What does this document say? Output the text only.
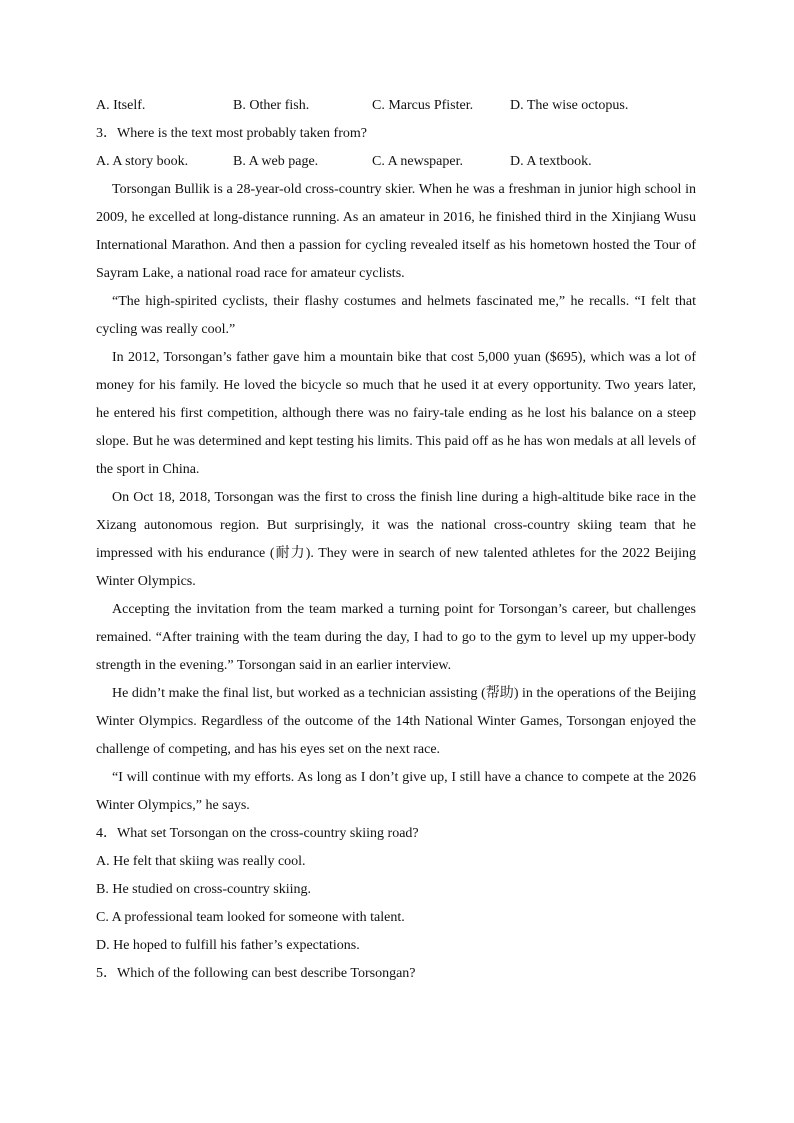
A. Itself.	B. Other fish.	C. Marcus Pfister.	D. The wise octopus.

3．Where is the text most probably taken from?

A. A story book.	B. A web page.	C. A newspaper.	D. A textbook.

Torsongan Bullik is a 28-year-old cross-country skier. When he was a freshman in junior high school in 2009, he excelled at long-distance running. As an amateur in 2016, he finished third in the Xinjiang Wusu International Marathon. And then a passion for cycling revealed itself as his hometown hosted the Tour of Sayram Lake, a national road race for amateur cyclists.

“The high-spirited cyclists, their flashy costumes and helmets fascinated me,” he recalls. “I felt that cycling was really cool.”

In 2012, Torsongan’s father gave him a mountain bike that cost 5,000 yuan ($695), which was a lot of money for his family. He loved the bicycle so much that he used it at every opportunity. Two years later, he entered his first competition, although there was no fairy-tale ending as he lost his balance on a steep slope. But he was determined and kept testing his limits. This paid off as he has won medals at all levels of the sport in China.

On Oct 18, 2018, Torsongan was the first to cross the finish line during a high-altitude bike race in the Xizang autonomous region. But surprisingly, it was the national cross-country skiing team that he impressed with his endurance (耐力). They were in search of new talented athletes for the 2022 Beijing Winter Olympics.

Accepting the invitation from the team marked a turning point for Torsongan’s career, but challenges remained. “After training with the team during the day, I had to go to the gym to level up my upper-body strength in the evening.” Torsongan said in an earlier interview.

He didn’t make the final list, but worked as a technician assisting (帮助) in the operations of the Beijing Winter Olympics. Regardless of the outcome of the 14th National Winter Games, Torsongan enjoyed the challenge of competing, and has his eyes set on the next race.

“I will continue with my efforts. As long as I don’t give up, I still have a chance to compete at the 2026 Winter Olympics,” he says.

4．What set Torsongan on the cross-country skiing road?

A. He felt that skiing was really cool.

B. He studied on cross-country skiing.

C. A professional team looked for someone with talent.

D. He hoped to fulfill his father’s expectations.

5．Which of the following can best describe Torsongan?
